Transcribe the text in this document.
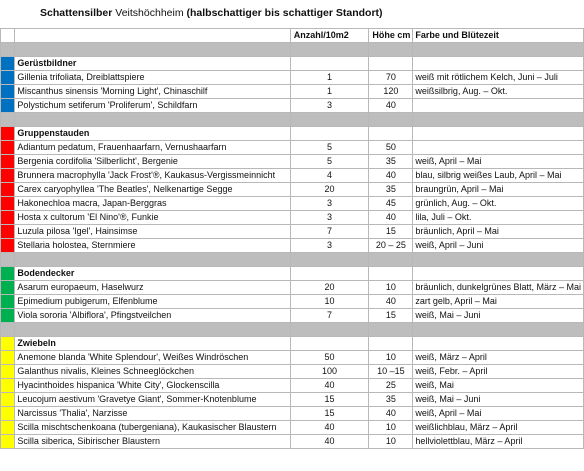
Schattensilber Veitshöchheim (halbschattiger bis schattiger Standort)
		Anzahl/10m2	Höhe cm	Farbe und Blütezeit

	Gerüstbildner			
	Gillenia trifoliata, Dreiblattspiere	1	70	weiß mit rötlichem Kelch, Juni – Juli
	Miscanthus sinensis 'Morning Light', Chinaschilf	1	120	weißsilbrig, Aug. – Okt.
	Polystichum setiferum 'Proliferum', Schildfarn	3	40	

	Gruppenstauden			
	Adiantum pedatum, Frauenhaarfarn, Vernushaarfarn	5	50	
	Bergenia cordifolia 'Silberlicht', Bergenie	5	35	weiß, April – Mai
	Brunnera macrophylla 'Jack Frost'®, Kaukasus-Vergissmeinnicht	4	40	blau, silbrig weißes Laub, April – Mai
	Carex caryophyllea 'The Beatles', Nelkenartige Segge	20	35	braungrün, April – Mai
	Hakonechloa macra, Japan-Berggras	3	45	grünlich, Aug. – Okt.
	Hosta x cultorum 'El Nino'®, Funkie	3	40	lila, Juli – Okt.
	Luzula pilosa 'Igel', Hainsimse	7	15	bräunlich, April – Mai
	Stellaria holostea, Sternmiere	3	20 – 25	weiß, April – Juni

	Bodendecker			
	Asarum europaeum, Haselwurz	20	10	bräunlich, dunkelgrünes Blatt, März – Mai
	Epimedium pubigerum, Elfenblume	10	40	zart gelb, April – Mai
	Viola sororia 'Albiflora', Pfingstveilchen	7	15	weiß, Mai – Juni

	Zwiebeln			
	Anemone blanda 'White Splendour', Weißes Windröschen	50	10	weiß, März – April
	Galanthus nivalis, Kleines Schneeglöckchen	100	10 –15	weiß, Febr. – April
	Hyacinthoides hispanica 'White City', Glockenscilla	40	25	weiß, Mai
	Leucojum aestivum 'Gravetye Giant', Sommer-Knotenblume	15	35	weiß, Mai – Juni
	Narcissus 'Thalia', Narzisse	15	40	weiß, April – Mai
	Scilla mischtschenkoana (tubergeniana), Kaukasischer Blaustern	40	10	weißlichblau, März – April
	Scilla siberica, Sibirischer Blaustern	40	10	hellviolettblau, März – April
